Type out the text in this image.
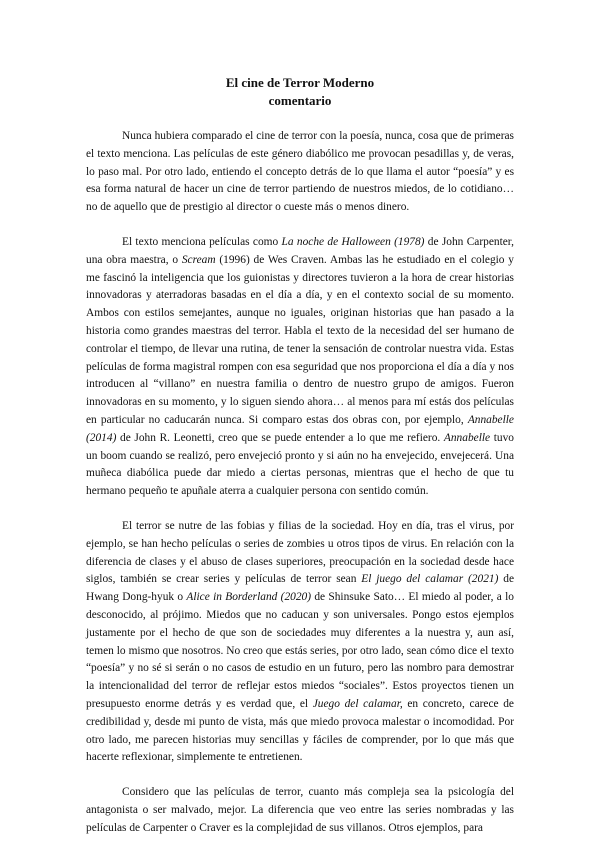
El cine de Terror Moderno

comentario

Nunca hubiera comparado el cine de terror con la poesía, nunca, cosa que de primeras el texto menciona. Las películas de este género diabólico me provocan pesadillas y, de veras, lo paso mal. Por otro lado, entiendo el concepto detrás de lo que llama el autor “poesía” y es esa forma natural de hacer un cine de terror partiendo de nuestros miedos, de lo cotidiano… no de aquello que de prestigio al director o cueste más o menos dinero.

El texto menciona películas como La noche de Halloween (1978) de John Carpenter, una obra maestra, o Scream (1996) de Wes Craven. Ambas las he estudiado en el colegio y me fascinó la inteligencia que los guionistas y directores tuvieron a la hora de crear historias innovadoras y aterradoras basadas en el día a día, y en el contexto social de su momento. Ambos con estilos semejantes, aunque no iguales, originan historias que han pasado a la historia como grandes maestras del terror. Habla el texto de la necesidad del ser humano de controlar el tiempo, de llevar una rutina, de tener la sensación de controlar nuestra vida. Estas películas de forma magistral rompen con esa seguridad que nos proporciona el día a día y nos introducen al “villano” en nuestra familia o dentro de nuestro grupo de amigos. Fueron innovadoras en su momento, y lo siguen siendo ahora… al menos para mí estás dos películas en particular no caducarán nunca. Si comparo estas dos obras con, por ejemplo, Annabelle (2014) de John R. Leonetti, creo que se puede entender a lo que me refiero. Annabelle tuvo un boom cuando se realizó, pero envejeció pronto y si aún no ha envejecido, envejecerá. Una muñeca diabólica puede dar miedo a ciertas personas, mientras que el hecho de que tu hermano pequeño te apuñale aterra a cualquier persona con sentido común.

El terror se nutre de las fobias y filias de la sociedad. Hoy en día, tras el virus, por ejemplo, se han hecho películas o series de zombies u otros tipos de virus. En relación con la diferencia de clases y el abuso de clases superiores, preocupación en la sociedad desde hace siglos, también se crear series y películas de terror sean El juego del calamar (2021) de Hwang Dong-hyuk o Alice in Borderland (2020) de Shinsuke Sato… El miedo al poder, a lo desconocido, al prójimo. Miedos que no caducan y son universales. Pongo estos ejemplos justamente por el hecho de que son de sociedades muy diferentes a la nuestra y, aun así, temen lo mismo que nosotros. No creo que estás series, por otro lado, sean cómo dice el texto “poesía” y no sé si serán o no casos de estudio en un futuro, pero las nombro para demostrar la intencionalidad del terror de reflejar estos miedos “sociales”. Estos proyectos tienen un presupuesto enorme detrás y es verdad que, el Juego del calamar, en concreto, carece de credibilidad y, desde mi punto de vista, más que miedo provoca malestar o incomodidad. Por otro lado, me parecen historias muy sencillas y fáciles de comprender, por lo que más que hacerte reflexionar, simplemente te entretienen.

Considero que las películas de terror, cuanto más compleja sea la psicología del antagonista o ser malvado, mejor. La diferencia que veo entre las series nombradas y las películas de Carpenter o Craver es la complejidad de sus villanos. Otros ejemplos, para
